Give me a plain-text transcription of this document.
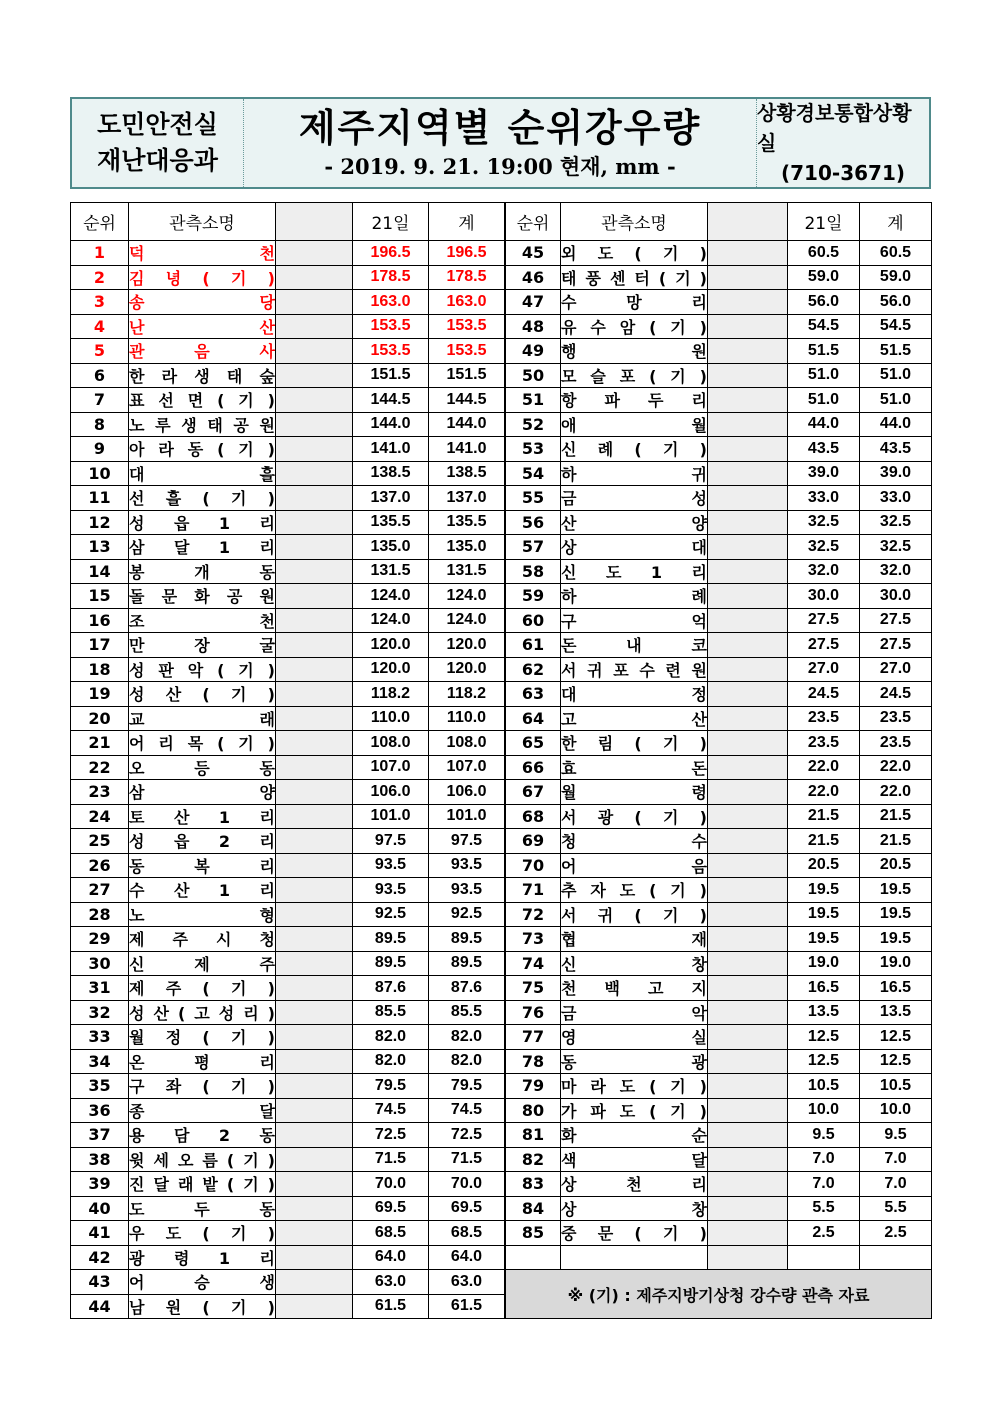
도민안전실
재난대응과
제주지역별 순위강우량
- 2019. 9. 21. 19:00 현재, mm -
상황경보통합상황실
(710-3671)
순위	관측소명		21일	계		순위	관측소명		21일	계
1	덕 천		196.5	196.5		45	외 도 ( 기 )		60.5	60.5
2	김 녕 ( 기 )		178.5	178.5		46	태 풍 센 터 ( 기 )		59.0	59.0
3	송 당		163.0	163.0		47	수 망 리		56.0	56.0
4	난 산		153.5	153.5		48	유 수 암 ( 기 )		54.5	54.5
5	관 음 사		153.5	153.5		49	행 원		51.5	51.5
6	한 라 생 태 숲		151.5	151.5		50	모 슬 포 ( 기 )		51.0	51.0
7	표 선 면 ( 기 )		144.5	144.5		51	항 파 두 리		51.0	51.0
8	노 루 생 태 공 원		144.0	144.0		52	애 월		44.0	44.0
9	아 라 동 ( 기 )		141.0	141.0		53	신 례 ( 기 )		43.5	43.5
10	대 흘		138.5	138.5		54	하 귀		39.0	39.0
11	선 흘 ( 기 )		137.0	137.0		55	금 성		33.0	33.0
12	성 읍 1 리		135.5	135.5		56	산 양		32.5	32.5
13	삼 달 1 리		135.0	135.0		57	상 대		32.5	32.5
14	봉 개 동		131.5	131.5		58	신 도 1 리		32.0	32.0
15	돌 문 화 공 원		124.0	124.0		59	하 례		30.0	30.0
16	조 천		124.0	124.0		60	구 억		27.5	27.5
17	만 장 굴		120.0	120.0		61	돈 내 코		27.5	27.5
18	성 판 악 ( 기 )		120.0	120.0		62	서 귀 포 수 련 원		27.0	27.0
19	성 산 ( 기 )		118.2	118.2		63	대 정		24.5	24.5
20	교 래		110.0	110.0		64	고 산		23.5	23.5
21	어 리 목 ( 기 )		108.0	108.0		65	한 림 ( 기 )		23.5	23.5
22	오 등 동		107.0	107.0		66	효 돈		22.0	22.0
23	삼 양		106.0	106.0		67	월 령		22.0	22.0
24	토 산 1 리		101.0	101.0		68	서 광 ( 기 )		21.5	21.5
25	성 읍 2 리		97.5	97.5		69	청 수		21.5	21.5
26	동 복 리		93.5	93.5		70	어 음		20.5	20.5
27	수 산 1 리		93.5	93.5		71	추 자 도 ( 기 )		19.5	19.5
28	노 형		92.5	92.5		72	서 귀 ( 기 )		19.5	19.5
29	제 주 시 청		89.5	89.5		73	협 재		19.5	19.5
30	신 제 주		89.5	89.5		74	신 창		19.0	19.0
31	제 주 ( 기 )		87.6	87.6		75	천 백 고 지		16.5	16.5
32	성 산 ( 고 성 리 )		85.5	85.5		76	금 악		13.5	13.5
33	월 정 ( 기 )		82.0	82.0		77	영 실		12.5	12.5
34	온 평 리		82.0	82.0		78	동 광		12.5	12.5
35	구 좌 ( 기 )		79.5	79.5		79	마 라 도 ( 기 )		10.5	10.5
36	종 달		74.5	74.5		80	가 파 도 ( 기 )		10.0	10.0
37	용 담 2 동		72.5	72.5		81	화 순		9.5	9.5
38	윗 세 오 름 ( 기 )		71.5	71.5		82	색 달		7.0	7.0
39	진 달 래 밭 ( 기 )		70.0	70.0		83	상 천 리		7.0	7.0
40	도 두 동		69.5	69.5		84	상 창		5.5	5.5
41	우 도 ( 기 )		68.5	68.5		85	중 문 ( 기 )		2.5	2.5
42	광 령 1 리		64.0	64.0						
43	어 승 생		63.0	63.0		※ (기) : 제주지방기상청 강수량 관측 자료				
44	남 원 ( 기 )		61.5	61.5					
